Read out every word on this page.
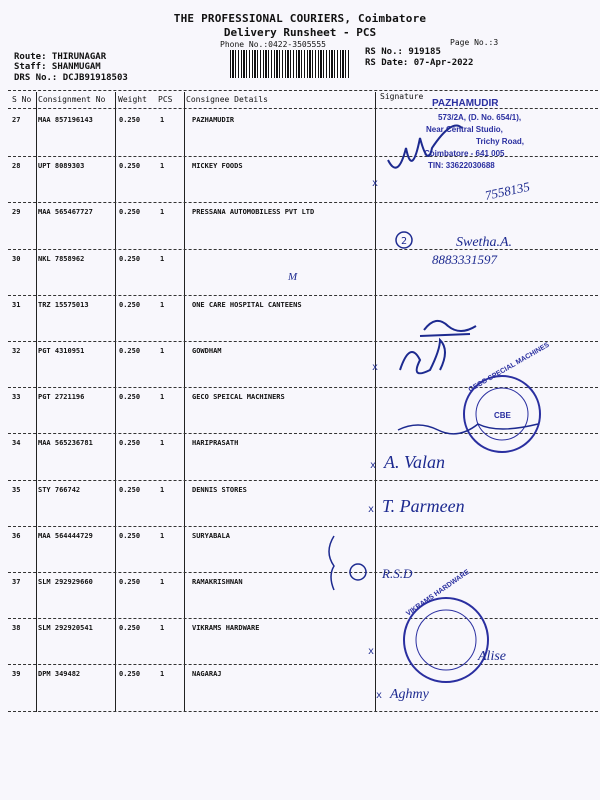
THE PROFESSIONAL COURIERS, Coimbatore
Delivery Runsheet - PCS
Phone No.:0422-3505555	Page No.:3
Route: THIRUNAGAR
Staff: SHANMUGAM
DRS No.: DCJB91918503
RS No.: 919185
RS Date: 07-Apr-2022
S No Consignment No Weight PCS Consignee Details	Signature
27	MAA 857196143	0.250	1	PAZHAMUDIR
28	UPT 8089303	0.250	1	MICKEY FOODS
29	MAA 565467727	0.250	1	PRESSANA AUTOMOBILESS PVT LTD
30	NKL 7858962	0.250	1
31	TRZ 15575013	0.250	1	ONE CARE HOSPITAL CANTEENS
32	PGT 4310951	0.250	1	GOWDHAM
33	PGT 2721196	0.250	1	GECO SPEICAL MACHINERS
34	MAA 565236781	0.250	1	HARIPRASATH
35	STY 766742	0.250	1	DENNIS STORES
36	MAA 564444729	0.250	1	SURYABALA
37	SLM 292929660	0.250	1	RAMAKRISHNAN
38	SLM 292920541	0.250	1	VIKRAMS HARDWARE
39	DPM 349482	0.250	1	NAGARAJ
PAZHAMUDIR
573/2A, (D. No. 654/1),
Near Central Studio,
Trichy Road,
Coimbatore - 641 005
TIN: 33622030688
7558135
x
2	Swetha.A.
8883331597
M
x	GECO SPECIAL MACHINES
CBE
x A. Valan
x T. Parmeen
R.S.D
VIKRAMS HARDWARE
Alise
x
x Aghmy
